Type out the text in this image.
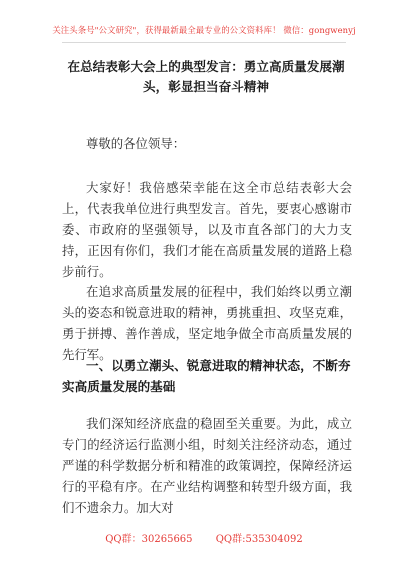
关注头条号"公文研究"，获得最新最全最专业的公文资料库！ 微信：gongwenyj
在总结表彰大会上的典型发言：勇立高质量发展潮头，彰显担当奋斗精神

尊敬的各位领导：

大家好！我倍感荣幸能在这全市总结表彰大会上，代表我单位进行典型发言。首先，要衷心感谢市委、市政府的坚强领导，以及市直各部门的大力支持，正因有你们，我们才能在高质量发展的道路上稳步前行。

在追求高质量发展的征程中，我们始终以勇立潮头的姿态和锐意进取的精神，勇挑重担、攻坚克难，勇于拼搏、善作善成，坚定地争做全市高质量发展的先行军。

一、以勇立潮头、锐意进取的精神状态，不断夯实高质量发展的基础

我们深知经济底盘的稳固至关重要。为此，成立专门的经济运行监测小组，时刻关注经济动态，通过严谨的科学数据分析和精准的政策调控，保障经济运行的平稳有序。在产业结构调整和转型升级方面，我们不遗余力。加大对

QQ群：30265665 QQ群:535304092
